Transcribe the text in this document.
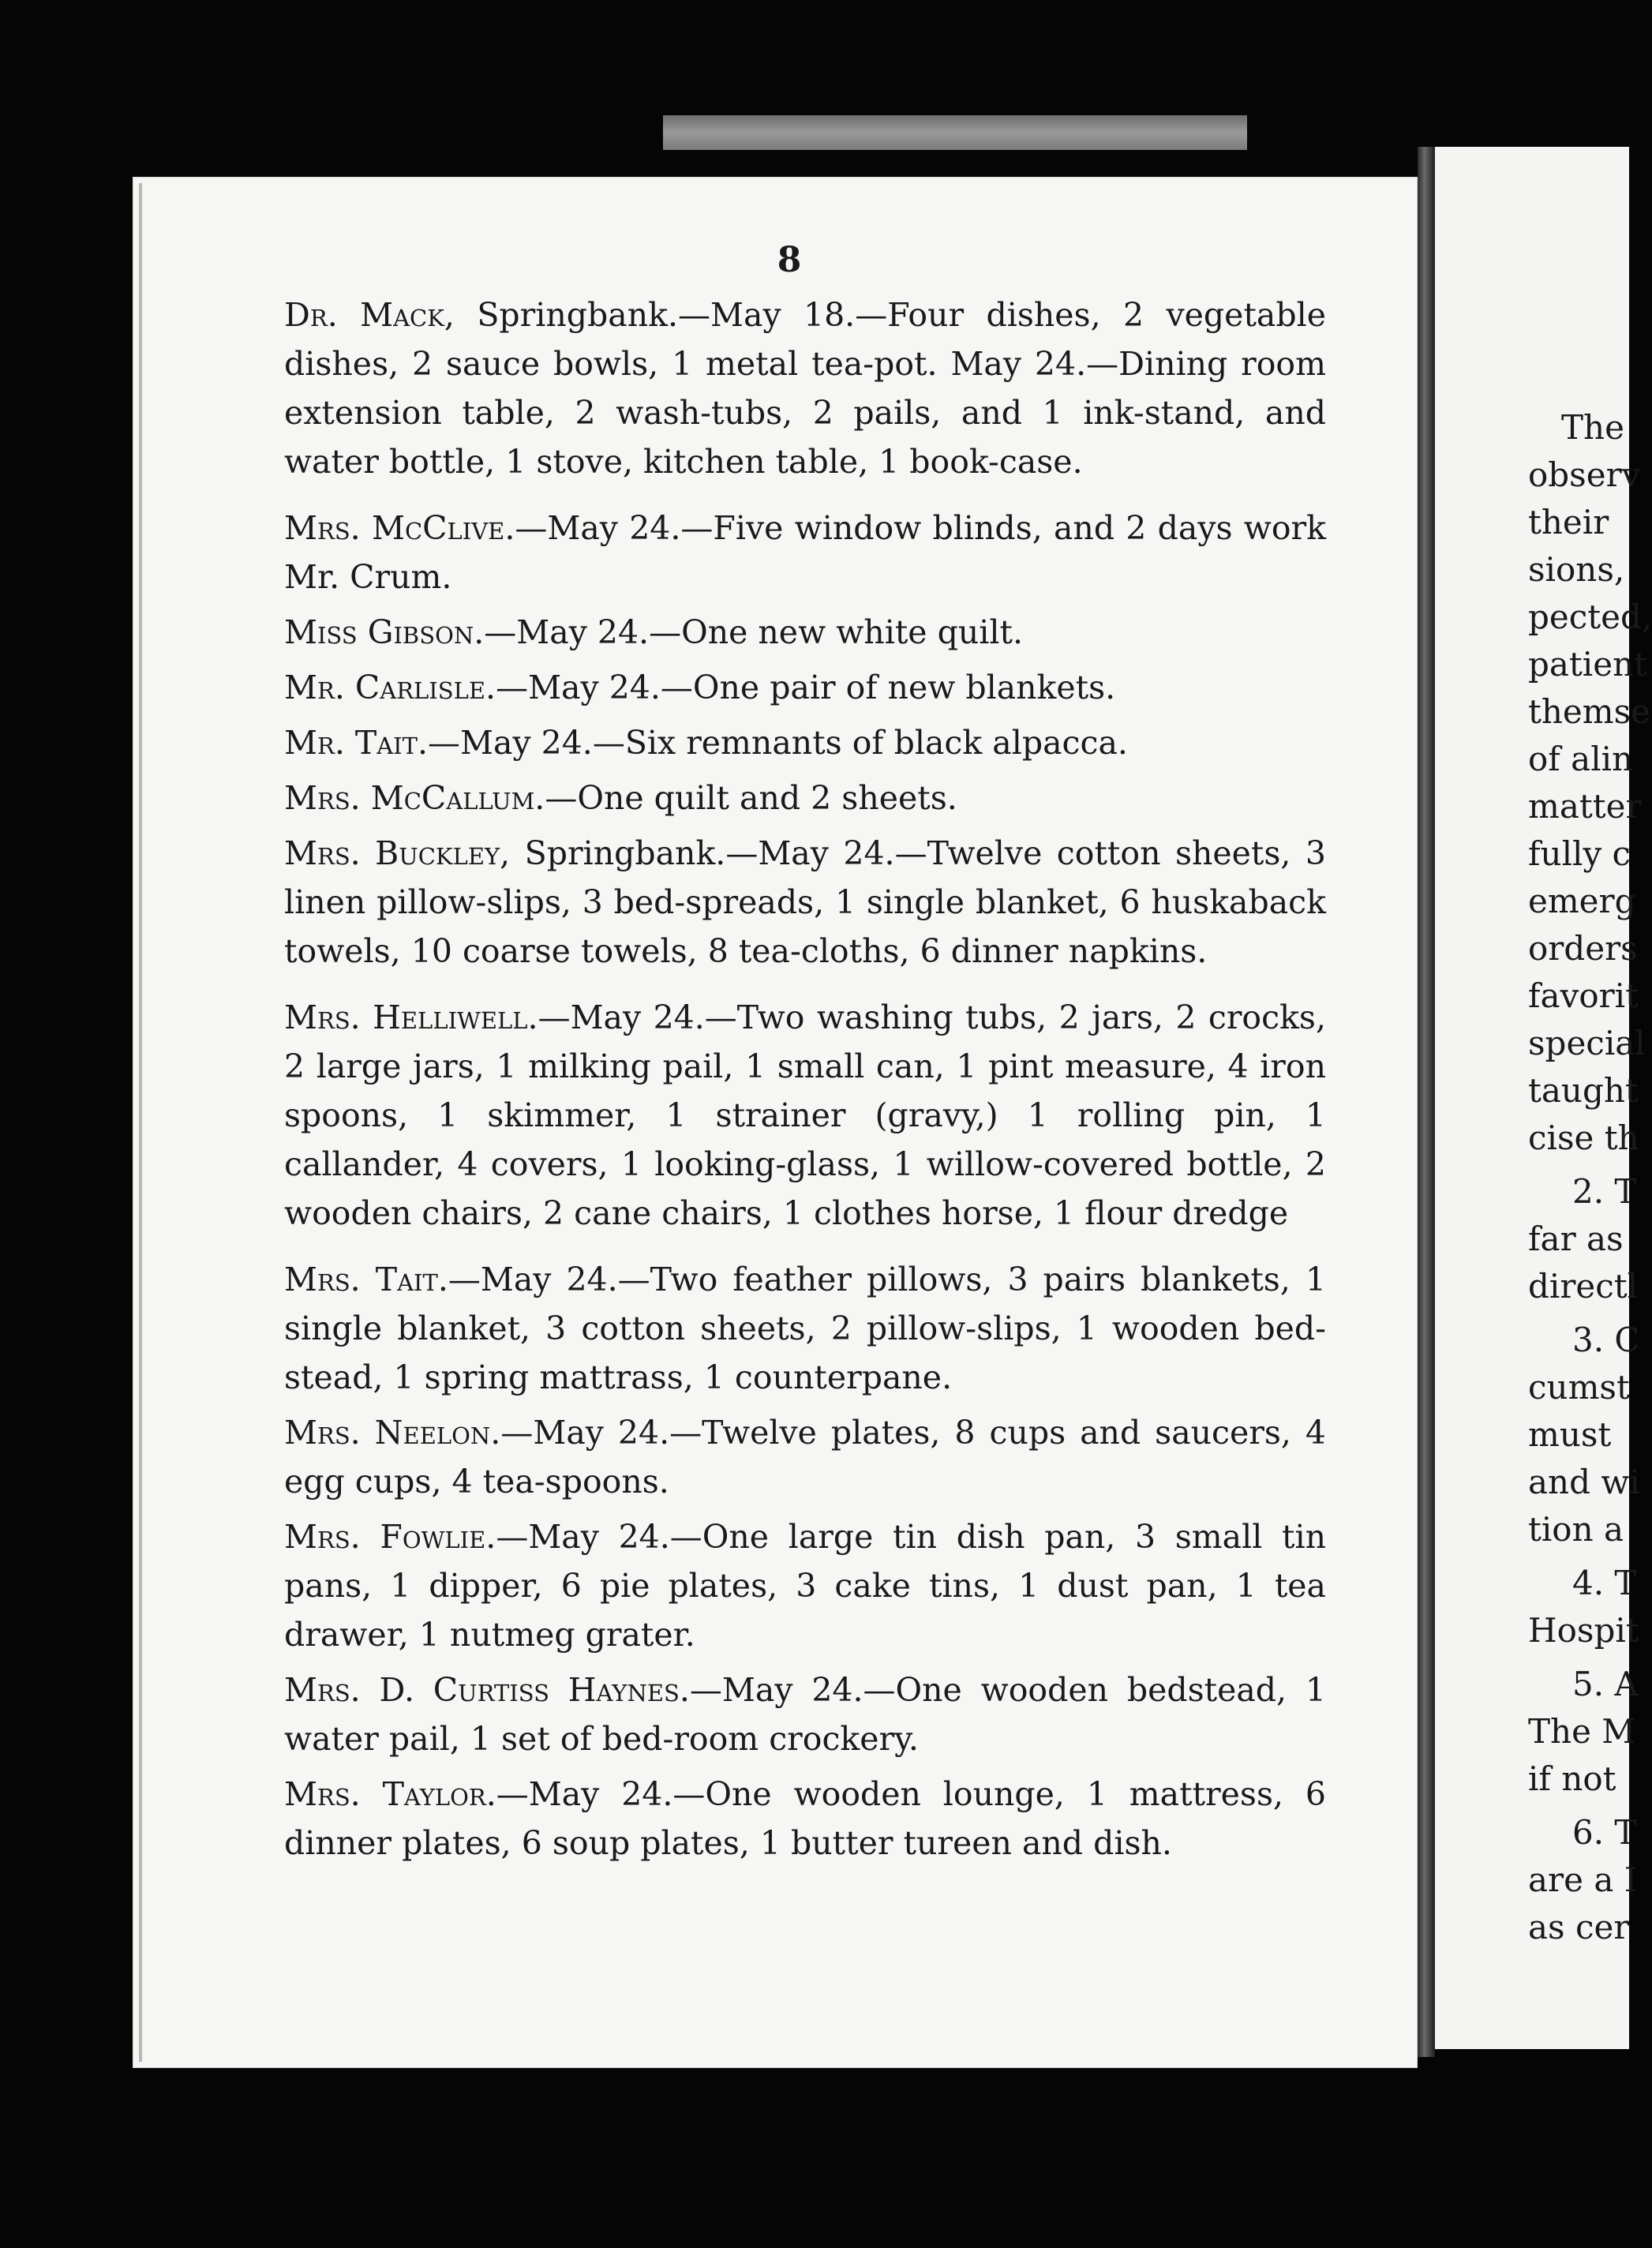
8

Dr. Mack, Springbank.—May 18.—Four dishes, 2 vegetable dishes, 2 sauce bowls, 1 metal tea-pot. May 24.—Dining room extension table, 2 wash-tubs, 2 pails, and 1 ink-stand, and water bottle, 1 stove, kitchen table, 1 book-case.

Mrs. McClive.—May 24.—Five window blinds, and 2 days work Mr. Crum.

Miss Gibson.—May 24.—One new white quilt.

Mr. Carlisle.—May 24.—One pair of new blankets.

Mr. Tait.—May 24.—Six remnants of black alpacca.

Mrs. McCallum.—One quilt and 2 sheets.

Mrs. Buckley, Springbank.—May 24.—Twelve cotton sheets, 3 linen pillow-slips, 3 bed-spreads, 1 single blanket, 6 huskaback towels, 10 coarse towels, 8 tea-cloths, 6 dinner napkins.

Mrs. Helliwell.—May 24.—Two washing tubs, 2 jars, 2 crocks, 2 large jars, 1 milking pail, 1 small can, 1 pint measure, 4 iron spoons, 1 skimmer, 1 strainer (gravy,) 1 rolling pin, 1 callander, 4 covers, 1 looking-glass, 1 willow-covered bottle, 2 wooden chairs, 2 cane chairs, 1 clothes horse, 1 flour dredge

Mrs. Tait.—May 24.—Two feather pillows, 3 pairs blankets, 1 single blanket, 3 cotton sheets, 2 pillow-slips, 1 wooden bed-stead, 1 spring mattrass, 1 counterpane.

Mrs. Neelon.—May 24.—Twelve plates, 8 cups and saucers, 4 egg cups, 4 tea-spoons.

Mrs. Fowlie.—May 24.—One large tin dish pan, 3 small tin pans, 1 dipper, 6 pie plates, 3 cake tins, 1 dust pan, 1 tea drawer, 1 nutmeg grater.

Mrs. D. Curtiss Haynes.—May 24.—One wooden bedstead, 1 water pail, 1 set of bed-room crockery.

Mrs. Taylor.—May 24.—One wooden lounge, 1 mattress, 6 dinner plates, 6 soup plates, 1 butter tureen and dish.

The
observ
their
sions,
pected,
patient
themse
of alin
matter
fully c
emerg
orders
favorit
special
taught
cise th
2. T
far as
directl
3. C
cumst
must
and wi
tion a
4. T
Hospit
5. A
The M
if not
6. T
are a I
as cer
